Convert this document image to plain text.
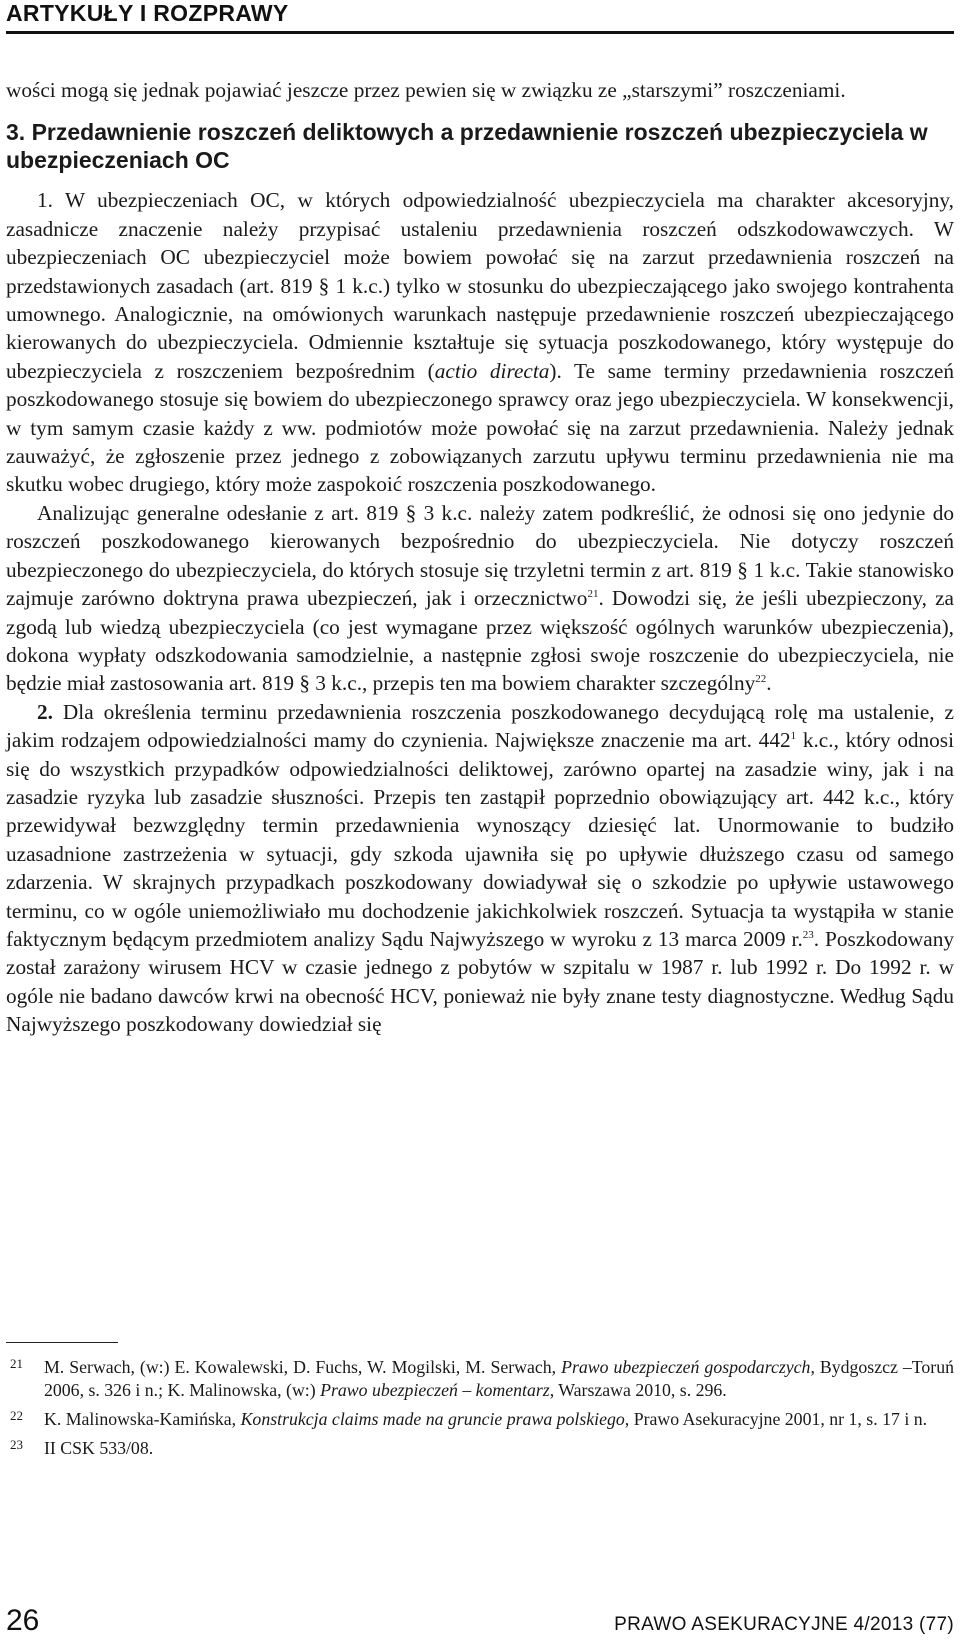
ARTYKUŁY I ROZPRAWY

wości mogą się jednak pojawiać jeszcze przez pewien się w związku ze „starszymi” roszczeniami.

3. Przedawnienie roszczeń deliktowych a przedawnienie roszczeń ubezpieczyciela w ubezpieczeniach OC

1. W ubezpieczeniach OC, w których odpowiedzialność ubezpieczyciela ma charakter akcesoryjny, zasadnicze znaczenie należy przypisać ustaleniu przedawnienia roszczeń odszkodowawczych. W ubezpieczeniach OC ubezpieczyciel może bowiem powołać się na zarzut przedawnienia roszczeń na przedstawionych zasadach (art. 819 § 1 k.c.) tylko w stosunku do ubezpieczającego jako swojego kontrahenta umownego. Analogicznie, na omówionych warunkach następuje przedawnienie roszczeń ubezpieczającego kierowanych do ubezpieczyciela. Odmiennie kształtuje się sytuacja poszkodowanego, który występuje do ubezpieczyciela z roszczeniem bezpośrednim (actio directa). Te same terminy przedawnienia roszczeń poszkodowanego stosuje się bowiem do ubezpieczonego sprawcy oraz jego ubezpieczyciela. W konsekwencji, w tym samym czasie każdy z ww. podmiotów może powołać się na zarzut przedawnienia. Należy jednak zauważyć, że zgłoszenie przez jednego z zobowiązanych zarzutu upływu terminu przedawnienia nie ma skutku wobec drugiego, który może zaspokoić roszczenia poszkodowanego.

Analizując generalne odesłanie z art. 819 § 3 k.c. należy zatem podkreślić, że odnosi się ono jedynie do roszczeń poszkodowanego kierowanych bezpośrednio do ubezpieczyciela. Nie dotyczy roszczeń ubezpieczonego do ubezpieczyciela, do których stosuje się trzyletni termin z art. 819 § 1 k.c. Takie stanowisko zajmuje zarówno doktryna prawa ubezpieczeń, jak i orzecznictwo$^{21}$. Dowodzi się, że jeśli ubezpieczony, za zgodą lub wiedzą ubezpieczyciela (co jest wymagane przez większość ogólnych warunków ubezpieczenia), dokona wypłaty odszkodowania samodzielnie, a następnie zgłosi swoje roszczenie do ubezpieczyciela, nie będzie miał zastosowania art. 819 § 3 k.c., przepis ten ma bowiem charakter szczególny$^{22}$.

2. Dla określenia terminu przedawnienia roszczenia poszkodowanego decydującą rolę ma ustalenie, z jakim rodzajem odpowiedzialności mamy do czynienia. Największe znaczenie ma art. $442^1$ k.c., który odnosi się do wszystkich przypadków odpowiedzialności deliktowej, zarówno opartej na zasadzie winy, jak i na zasadzie ryzyka lub zasadzie słuszności. Przepis ten zastąpił poprzednio obowiązujący art. 442 k.c., który przewidywał bezwzględny termin przedawnienia wynoszący dziesięć lat. Unormowanie to budziło uzasadnione zastrzeżenia w sytuacji, gdy szkoda ujawniła się po upływie dłuższego czasu od samego zdarzenia. W skrajnych przypadkach poszkodowany dowiadywał się o szkodzie po upływie ustawowego terminu, co w ogóle uniemożliwiało mu dochodzenie jakichkolwiek roszczeń. Sytuacja ta wystąpiła w stanie faktycznym będącym przedmiotem analizy Sądu Najwyższego w wyroku z 13 marca 2009 r.$^{23}$. Poszkodowany został zarażony wirusem HCV w czasie jednego z pobytów w szpitalu w 1987 r. lub 1992 r. Do 1992 r. w ogóle nie badano dawców krwi na obecność HCV, ponieważ nie były znane testy diagnostyczne. Według Sądu Najwyższego poszkodowany dowiedział się

21 M. Serwach, (w:) E. Kowalewski, D. Fuchs, W. Mogilski, M. Serwach, Prawo ubezpieczeń gospodarczych, Bydgoszcz –Toruń 2006, s. 326 i n.; K. Malinowska, (w:) Prawo ubezpieczeń – komentarz, Warszawa 2010, s. 296.
22 K. Malinowska-Kamińska, Konstrukcja claims made na gruncie prawa polskiego, Prawo Asekuracyjne 2001, nr 1, s. 17 i n.
23 II CSK 533/08.
26	PRAWO ASEKURACYJNE 4/2013 (77)
